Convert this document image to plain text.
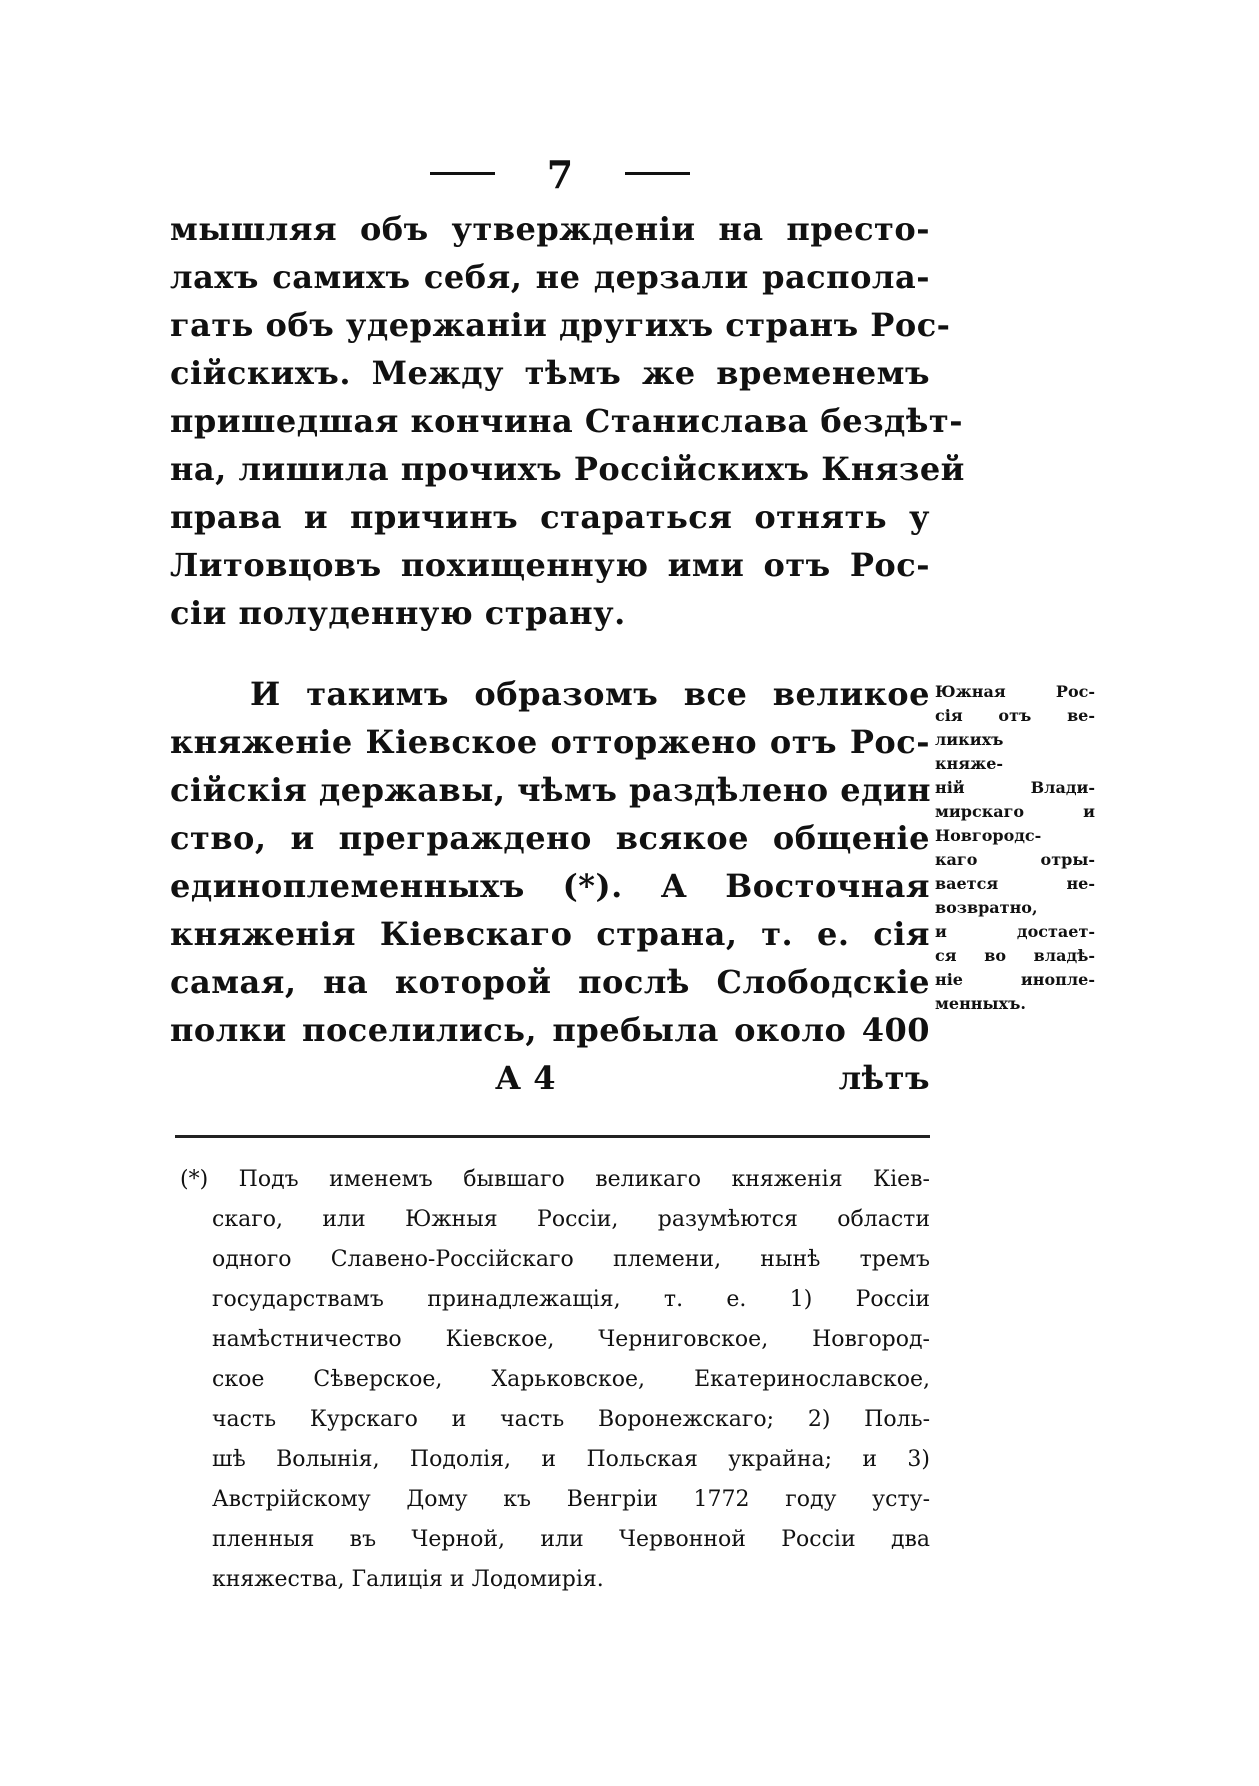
7
мышляя объ утвержденіи на престо-
лахъ самихъ себя, не дерзали распола-
гать объ удержаніи другихъ странъ Рос-
сійскихъ. Между тѣмъ же временемъ
пришедшая кончина Станислава бездѣт-
на, лишила прочихъ Россійскихъ Князей
права и причинъ стараться отнять у
Литовцовъ похищенную ими отъ Рос-
сіи полуденную страну.
И такимъ образомъ все великое
княженіе Кіевское отторжено отъ Рос-
сійскія державы, чѣмъ раздѣлено един
ство, и преграждено всякое общеніе
единоплеменныхъ (*). А Восточная
княженія Кіевскаго страна, т. е. сія
самая, на которой послѣ Слободскіе
полки поселились, пребыла около 400
А 4	лѣтъ
Южная Рос-
сія отъ ве-
ликихъ
княже-
ній Влади-
мирскаго и
Новгородс-
каго отры-
вается не-
возвратно,
и достает-
ся во владѣ-
ніе инопле-
менныхъ.
(*) Подъ именемъ бывшаго великаго княженія Кіев-
скаго, или Южныя Россіи, разумѣются области
одного Славено-Россійскаго племени, нынѣ тремъ
государствамъ принадлежащія, т. е. 1) Россіи
намѣстничество Кіевское, Черниговское, Новгород-
ское Сѣверское, Харьковское, Екатеринославское,
часть Курскаго и часть Воронежскаго; 2) Поль-
шѣ Волынія, Подолія, и Польская украйна; и 3)
Австрійскому Дому къ Венгріи 1772 году усту-
пленныя въ Черной, или Червонной Россіи два
княжества, Галиція и Лодомирія.
